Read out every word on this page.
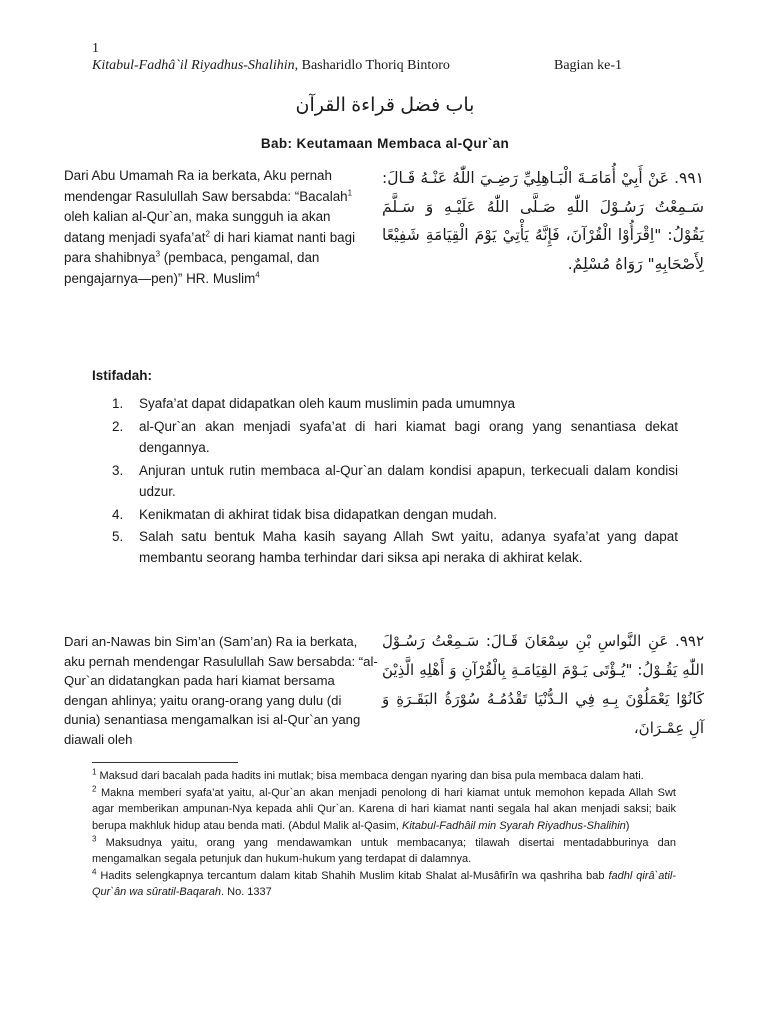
1
Kitabul-Fadhâ`il Riyadhus-Shalihin, Basharidlo Thoriq Bintoro	Bagian ke-1
باب فضل قراءة القرآن
Bab: Keutamaan Membaca al-Qur`an
Dari Abu Umamah Ra ia berkata, Aku pernah mendengar Rasulullah Saw bersabda: “Bacalah$^1$ oleh kalian al-Qur`an, maka sungguh ia akan datang menjadi $syafa’at^2$ di hari kiamat nanti bagi para shahibnya$^3$ (pembaca, pengamal, dan pengajarnya—pen)” HR. Muslim$^4$
٩٩١. عَنْ أَبِيْ أُمَامَـةَ الْبَـاهِلِيِّ رَضِـيَ اللّٰهُ عَنْـهُ قَـالَ: سَـمِعْتُ رَسُـوْلَ اللّٰهِ صَـلَّى اللّٰهُ عَلَيْـهِ وَ سَـلَّمَ يَقُوْلُ: "اِقْرَأُوْا الْقُرْآنَ، فَإِنَّهُ يَأْتِيْ يَوْمَ الْقِيَامَةِ شَفِيْعًا لِأَصْحَابِهِ" رَوَاهُ مُسْلِمٌ.
Istifadah:
1.	Syafa’at dapat didapatkan oleh kaum muslimin pada umumnya
2.	al-Qur`an akan menjadi syafa’at di hari kiamat bagi orang yang senantiasa dekat dengannya.
3.	Anjuran untuk rutin membaca al-Qur`an dalam kondisi apapun, terkecuali dalam kondisi udzur.
4.	Kenikmatan di akhirat tidak bisa didapatkan dengan mudah.
5.	Salah satu bentuk Maha kasih sayang Allah Swt yaitu, adanya syafa’at yang dapat membantu seorang hamba terhindar dari siksa api neraka di akhirat kelak.
Dari an-Nawas bin Sim’an (Sam’an) Ra ia berkata, aku pernah mendengar Rasulullah Saw bersabda: “al-Qur`an didatangkan pada hari kiamat bersama dengan ahlinya; yaitu orang-orang yang dulu (di dunia) senantiasa mengamalkan isi al-Qur`an yang diawali oleh
٩٩٢. عَنِ النَّواسِ بْنِ سِمْعَانَ قَـالَ: سَـمِعْتُ رَسُـوْلَ اللّٰهِ يَقُـوْلُ: "يُـؤْتَى يَـوْمَ القِيَامَـةِ بِالْقُرْآنِ وَ أَهْلِهِ الَّذِيْنَ كَانُوْا يَعْمَلُوْنَ بِـهِ فِي الـدُّنْيَا تَقْدُمُـهُ سُوْرَةُ البَقَـرَةِ وَ آلِ عِمْـرَانَ،
$^1$ Maksud dari bacalah pada hadits ini mutlak; bisa membaca dengan nyaring dan bisa pula membaca dalam hati.
$^2$ Makna memberi syafa’at yaitu, al-Qur`an akan menjadi penolong di hari kiamat untuk memohon kepada Allah Swt agar memberikan ampunan-Nya kepada ahli Qur`an. Karena di hari kiamat nanti segala hal akan menjadi saksi; baik berupa makhluk hidup atau benda mati. (Abdul Malik al-Qasim, Kitabul-Fadhâil min Syarah Riyadhus-Shalihin)
$^3$ Maksudnya yaitu, orang yang mendawamkan untuk membacanya; tilawah disertai mentadabburinya dan mengamalkan segala petunjuk dan hukum-hukum yang terdapat di dalamnya.
$^4$ Hadits selengkapnya tercantum dalam kitab Shahih Muslim kitab Shalat al-Musâfirîn wa qashriha bab fadhl qirâ`atil-Qur`ân wa sûratil-Baqarah. No. 1337
